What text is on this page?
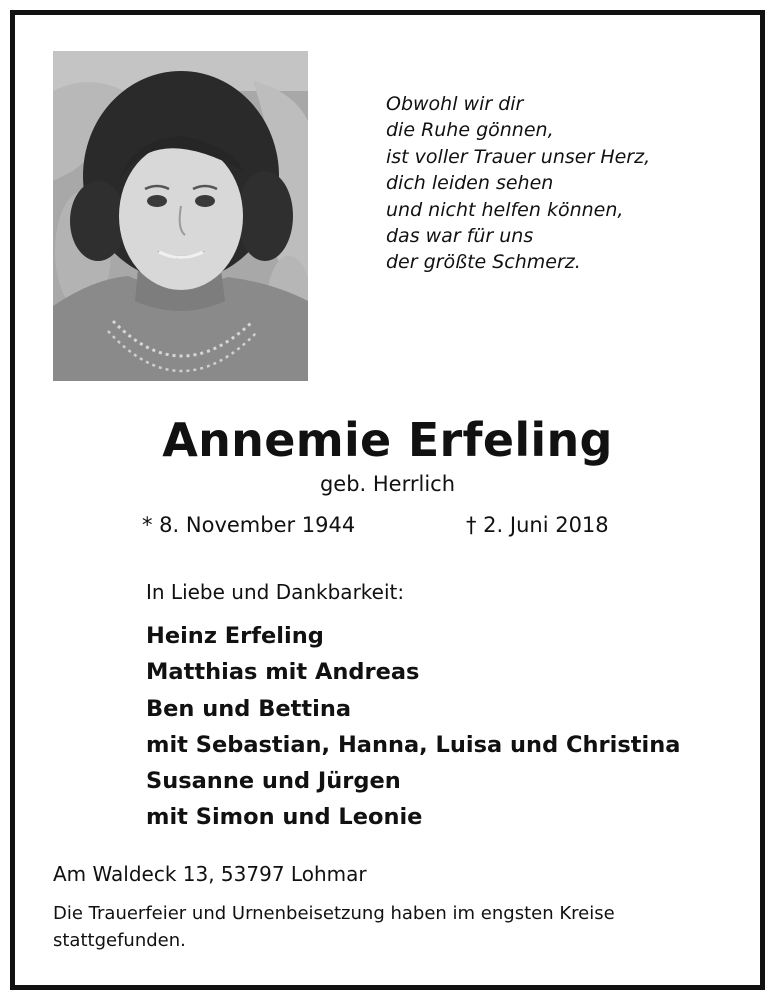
Obwohl wir dir
die Ruhe gönnen,
ist voller Trauer unser Herz,
dich leiden sehen
und nicht helfen können,
das war für uns
der größte Schmerz.
Annemie Erfeling
geb. Herrlich
* 8. November 1944	† 2. Juni 2018
In Liebe und Dankbarkeit:
Heinz Erfeling
Matthias mit Andreas
Ben und Bettina
mit Sebastian, Hanna, Luisa und Christina
Susanne und Jürgen
mit Simon und Leonie
Am Waldeck 13, 53797 Lohmar
Die Trauerfeier und Urnenbeisetzung haben im engsten Kreise stattgefunden.
